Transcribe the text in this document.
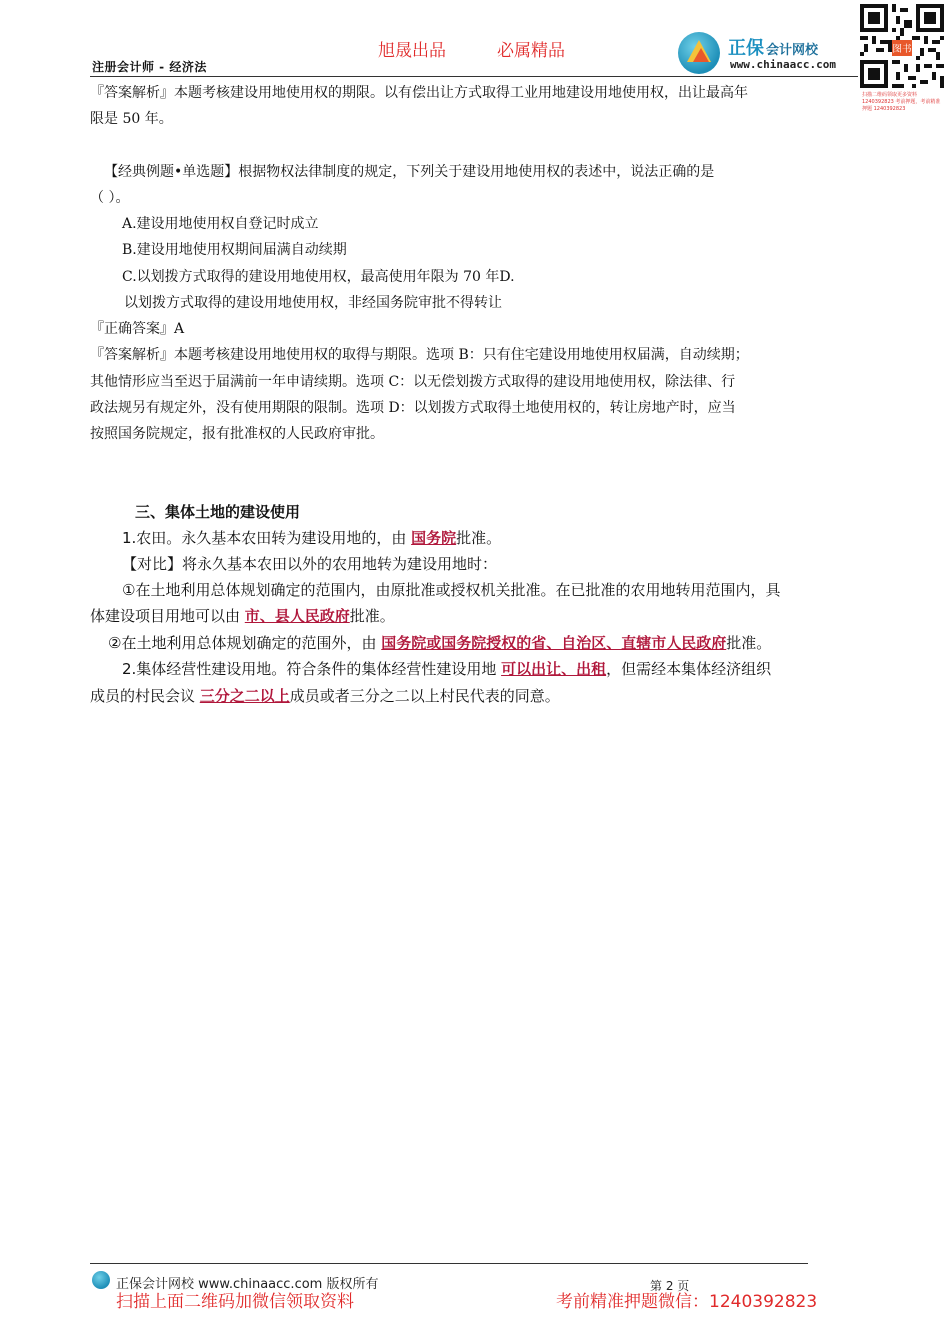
旭晟出品	必属精品
注册会计师 - 经济法
正保 会计网校
www.chinaacc.com
图书
扫描二维码领取更多资料 1240392823 考前押题，考前精准押题 1240392823
『答案解析』本题考核建设用地使用权的期限。以有偿出让方式取得工业用地建设用地使用权，出让最高年
限是 50 年。
【经典例题•单选题】根据物权法律制度的规定，下列关于建设用地使用权的表述中，说法正确的是
（ ）。
A.建设用地使用权自登记时成立
B.建设用地使用权期间届满自动续期
C.以划拨方式取得的建设用地使用权，最高使用年限为 70 年D.
以划拨方式取得的建设用地使用权，非经国务院审批不得转让
『正确答案』A
『答案解析』本题考核建设用地使用权的取得与期限。选项 B：只有住宅建设用地使用权届满，自动续期；
其他情形应当至迟于届满前一年申请续期。选项 C：以无偿划拨方式取得的建设用地使用权，除法律、行
政法规另有规定外，没有使用期限的限制。选项 D：以划拨方式取得土地使用权的，转让房地产时，应当
按照国务院规定，报有批准权的人民政府审批。
三、集体土地的建设使用
1.农田。永久基本农田转为建设用地的，由 国务院批准。
【对比】将永久基本农田以外的农用地转为建设用地时：
①在土地利用总体规划确定的范围内，由原批准或授权机关批准。在已批准的农用地转用范围内，具
体建设项目用地可以由 市、县人民政府批准。
②在土地利用总体规划确定的范围外，由 国务院或国务院授权的省、自治区、直辖市人民政府批准。
2.集体经营性建设用地。符合条件的集体经营性建设用地 可以出让、出租，但需经本集体经济组织
成员的村民会议 三分之二以上成员或者三分之二以上村民代表的同意。
正保会计网校 www.chinaacc.com 版权所有	第 2 页
扫描上面二维码加微信领取资料	考前精准押题微信：1240392823
